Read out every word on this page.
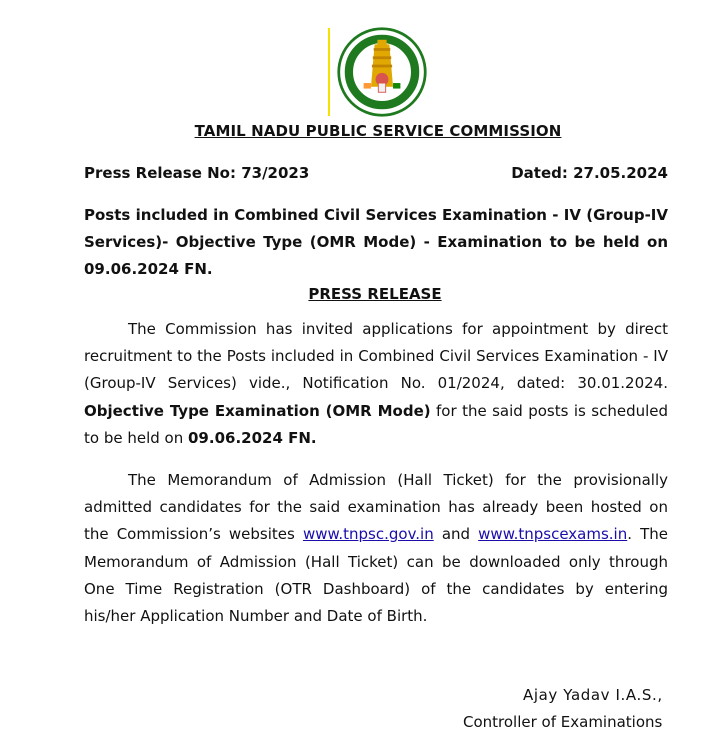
TAMIL NADU PUBLIC SERVICE COMMISSION
Press Release No: 73/2023	Dated: 27.05.2024
Posts included in Combined Civil Services Examination - IV (Group-IV Services)- Objective Type (OMR Mode) - Examination to be held on 09.06.2024 FN.
PRESS RELEASE
The Commission has invited applications for appointment by direct recruitment to the Posts included in Combined Civil Services Examination - IV (Group-IV Services) vide., Notification No. 01/2024, dated: 30.01.2024. Objective Type Examination (OMR Mode) for the said posts is scheduled to be held on 09.06.2024 FN.
The Memorandum of Admission (Hall Ticket) for the provisionally admitted candidates for the said examination has already been hosted on the Commission’s websites www.tnpsc.gov.in and www.tnpscexams.in. The Memorandum of Admission (Hall Ticket) can be downloaded only through One Time Registration (OTR Dashboard) of the candidates by entering his/her Application Number and Date of Birth.
Ajay Yadav I.A.S.,
Controller of Examinations
